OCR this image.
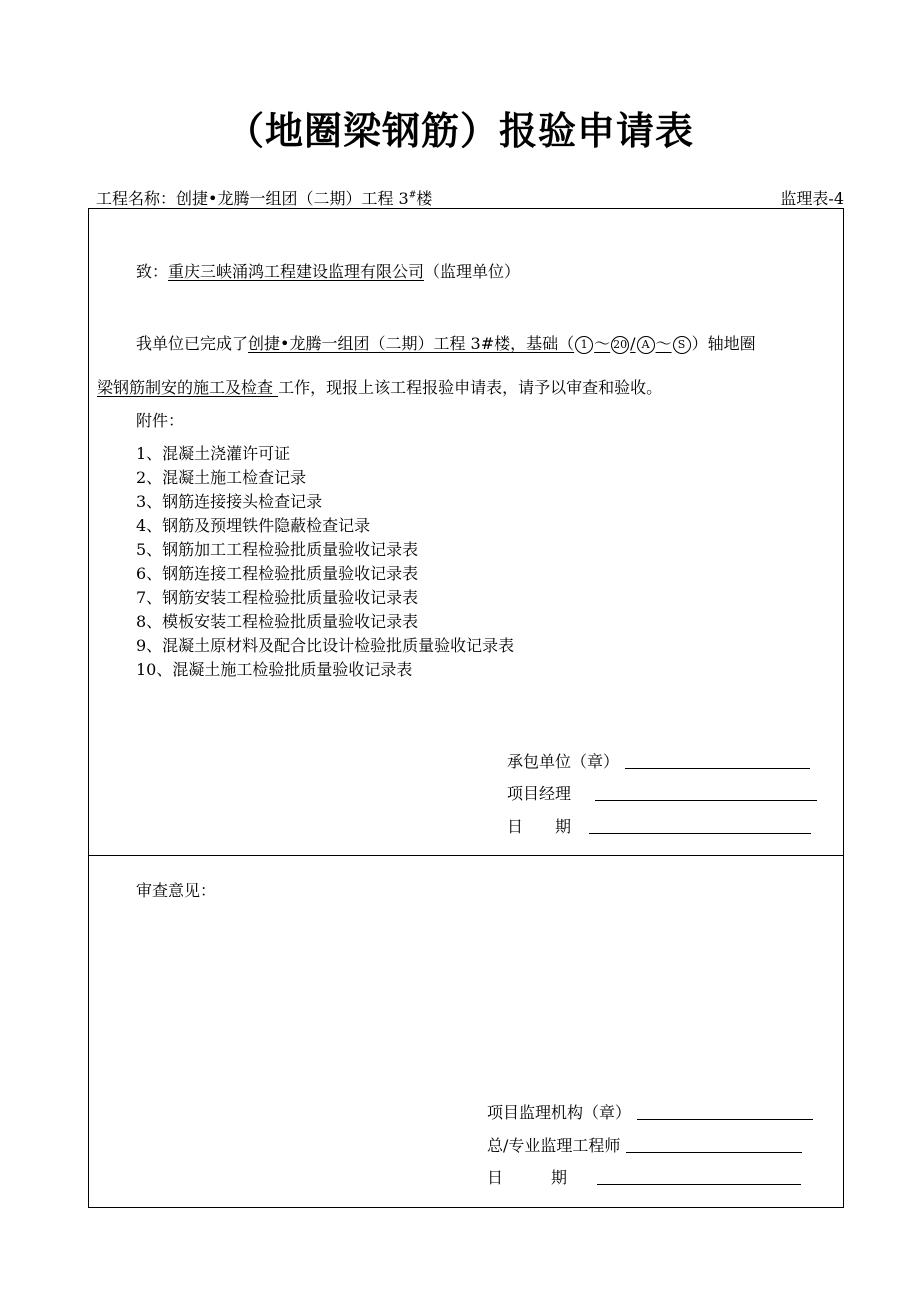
（地圈梁钢筋）报验申请表
工程名称：创捷•龙腾一组团（二期）工程 3#楼	监理表-4
致：重庆三峡涌鸿工程建设监理有限公司（监理单位）
我单位已完成了创捷•龙腾一组团（二期）工程 3#楼，基础（ 1 ～ 20 / A ～ S ）轴地圈
梁钢筋制安的施工及检查 工作，现报上该工程报验申请表，请予以审查和验收。
附件：
1、混凝土浇灌许可证
2、混凝土施工检查记录
3、钢筋连接接头检查记录
4、钢筋及预埋铁件隐蔽检查记录
5、钢筋加工工程检验批质量验收记录表
6、钢筋连接工程检验批质量验收记录表
7、钢筋安装工程检验批质量验收记录表
8、模板安装工程检验批质量验收记录表
9、混凝土原材料及配合比设计检验批质量验收记录表
10、混凝土施工检验批质量验收记录表
承包单位（章）
项目经理
日　　期
审查意见：
项目监理机构（章）
总/专业监理工程师
日　　　期
